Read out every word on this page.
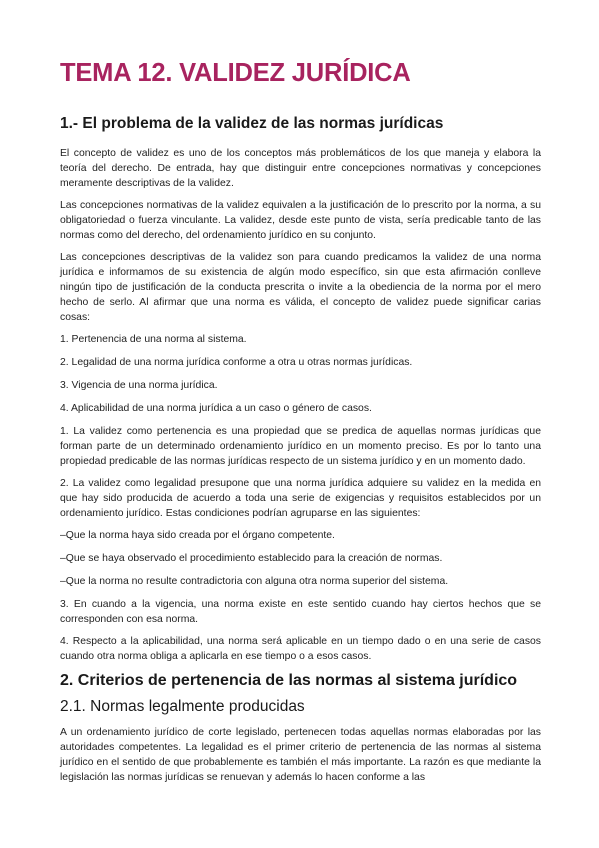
TEMA 12. VALIDEZ JURÍDICA
1.- El problema de la validez de las normas jurídicas

El concepto de validez es uno de los conceptos más problemáticos de los que maneja y elabora la teoría del derecho. De entrada, hay que distinguir entre concepciones normativas y concepciones meramente descriptivas de la validez.

Las concepciones normativas de la validez equivalen a la justificación de lo prescrito por la norma, a su obligatoriedad o fuerza vinculante. La validez, desde este punto de vista, sería predicable tanto de las normas como del derecho, del ordenamiento jurídico en su conjunto.

Las concepciones descriptivas de la validez son para cuando predicamos la validez de una norma jurídica e informamos de su existencia de algún modo específico, sin que esta afirmación conlleve ningún tipo de justificación de la conducta prescrita o invite a la obediencia de la norma por el mero hecho de serlo. Al afirmar que una norma es válida, el concepto de validez puede significar carias cosas:

1. Pertenencia de una norma al sistema.

2. Legalidad de una norma jurídica conforme a otra u otras normas jurídicas.

3. Vigencia de una norma jurídica.

4. Aplicabilidad de una norma jurídica a un caso o género de casos.

1. La validez como pertenencia es una propiedad que se predica de aquellas normas jurídicas que forman parte de un determinado ordenamiento jurídico en un momento preciso. Es por lo tanto una propiedad predicable de las normas jurídicas respecto de un sistema jurídico y en un momento dado.

2. La validez como legalidad presupone que una norma jurídica adquiere su validez en la medida en que hay sido producida de acuerdo a toda una serie de exigencias y requisitos establecidos por un ordenamiento jurídico. Estas condiciones podrían agruparse en las siguientes:

–Que la norma haya sido creada por el órgano competente.

–Que se haya observado el procedimiento establecido para la creación de normas.

–Que la norma no resulte contradictoria con alguna otra norma superior del sistema.

3. En cuando a la vigencia, una norma existe en este sentido cuando hay ciertos hechos que se corresponden con esa norma.

4. Respecto a la aplicabilidad, una norma será aplicable en un tiempo dado o en una serie de casos cuando otra norma obliga a aplicarla en ese tiempo o a esos casos.

2. Criterios de pertenencia de las normas al sistema jurídico
2.1. Normas legalmente producidas

A un ordenamiento jurídico de corte legislado, pertenecen todas aquellas normas elaboradas por las autoridades competentes. La legalidad es el primer criterio de pertenencia de las normas al sistema jurídico en el sentido de que probablemente es también el más importante. La razón es que mediante la legislación las normas jurídicas se renuevan y además lo hacen conforme a las
